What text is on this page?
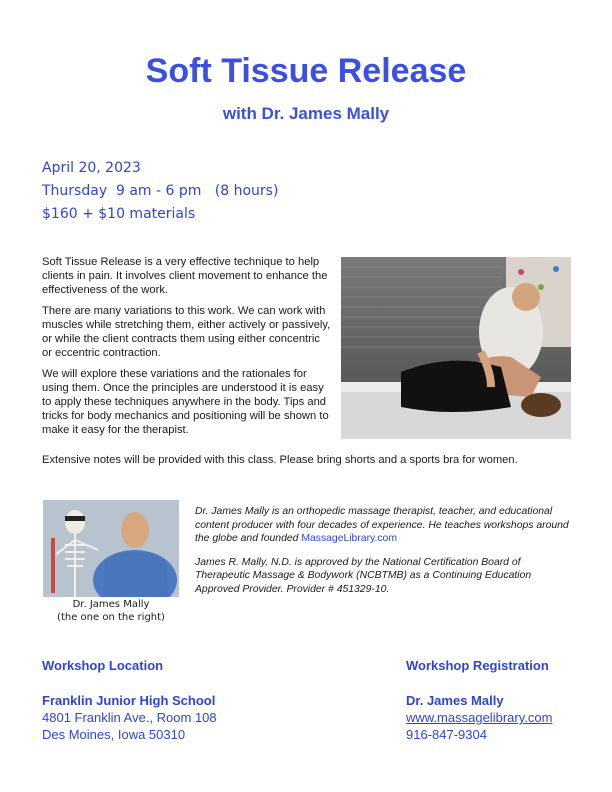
Soft Tissue Release
with Dr. James Mally
April 20, 2023
Thursday  9 am - 6 pm   (8 hours)
$160 + $10 materials

Soft Tissue Release is a very effective technique to help clients in pain. It involves client movement to enhance the effectiveness of the work.

There are many variations to this work. We can work with muscles while stretching them, either actively or passively, or while the client contracts them using either concentric or eccentric contraction.

We will explore these variations and the rationales for using them. Once the principles are understood it is easy to apply these techniques anywhere in the body. Tips and tricks for body mechanics and positioning will be shown to make it easy for the therapist.

Extensive notes will be provided with this class. Please bring shorts and a sports bra for women.
Dr. James Mally
(the one on the right)

Dr. James Mally is an orthopedic massage therapist, teacher, and educational content producer with four decades of experience. He teaches workshops around the globe and founded MassageLibrary.com

James R. Mally, N.D. is approved by the National Certification Board of Therapeutic Massage & Bodywork (NCBTMB) as a Continuing Education Approved Provider. Provider # 451329-10.

Workshop Location
Franklin Junior High School
4801 Franklin Ave., Room 108
Des Moines, Iowa 50310
Workshop Registration
Dr. James Mally
www.massagelibrary.com
916-847-9304
